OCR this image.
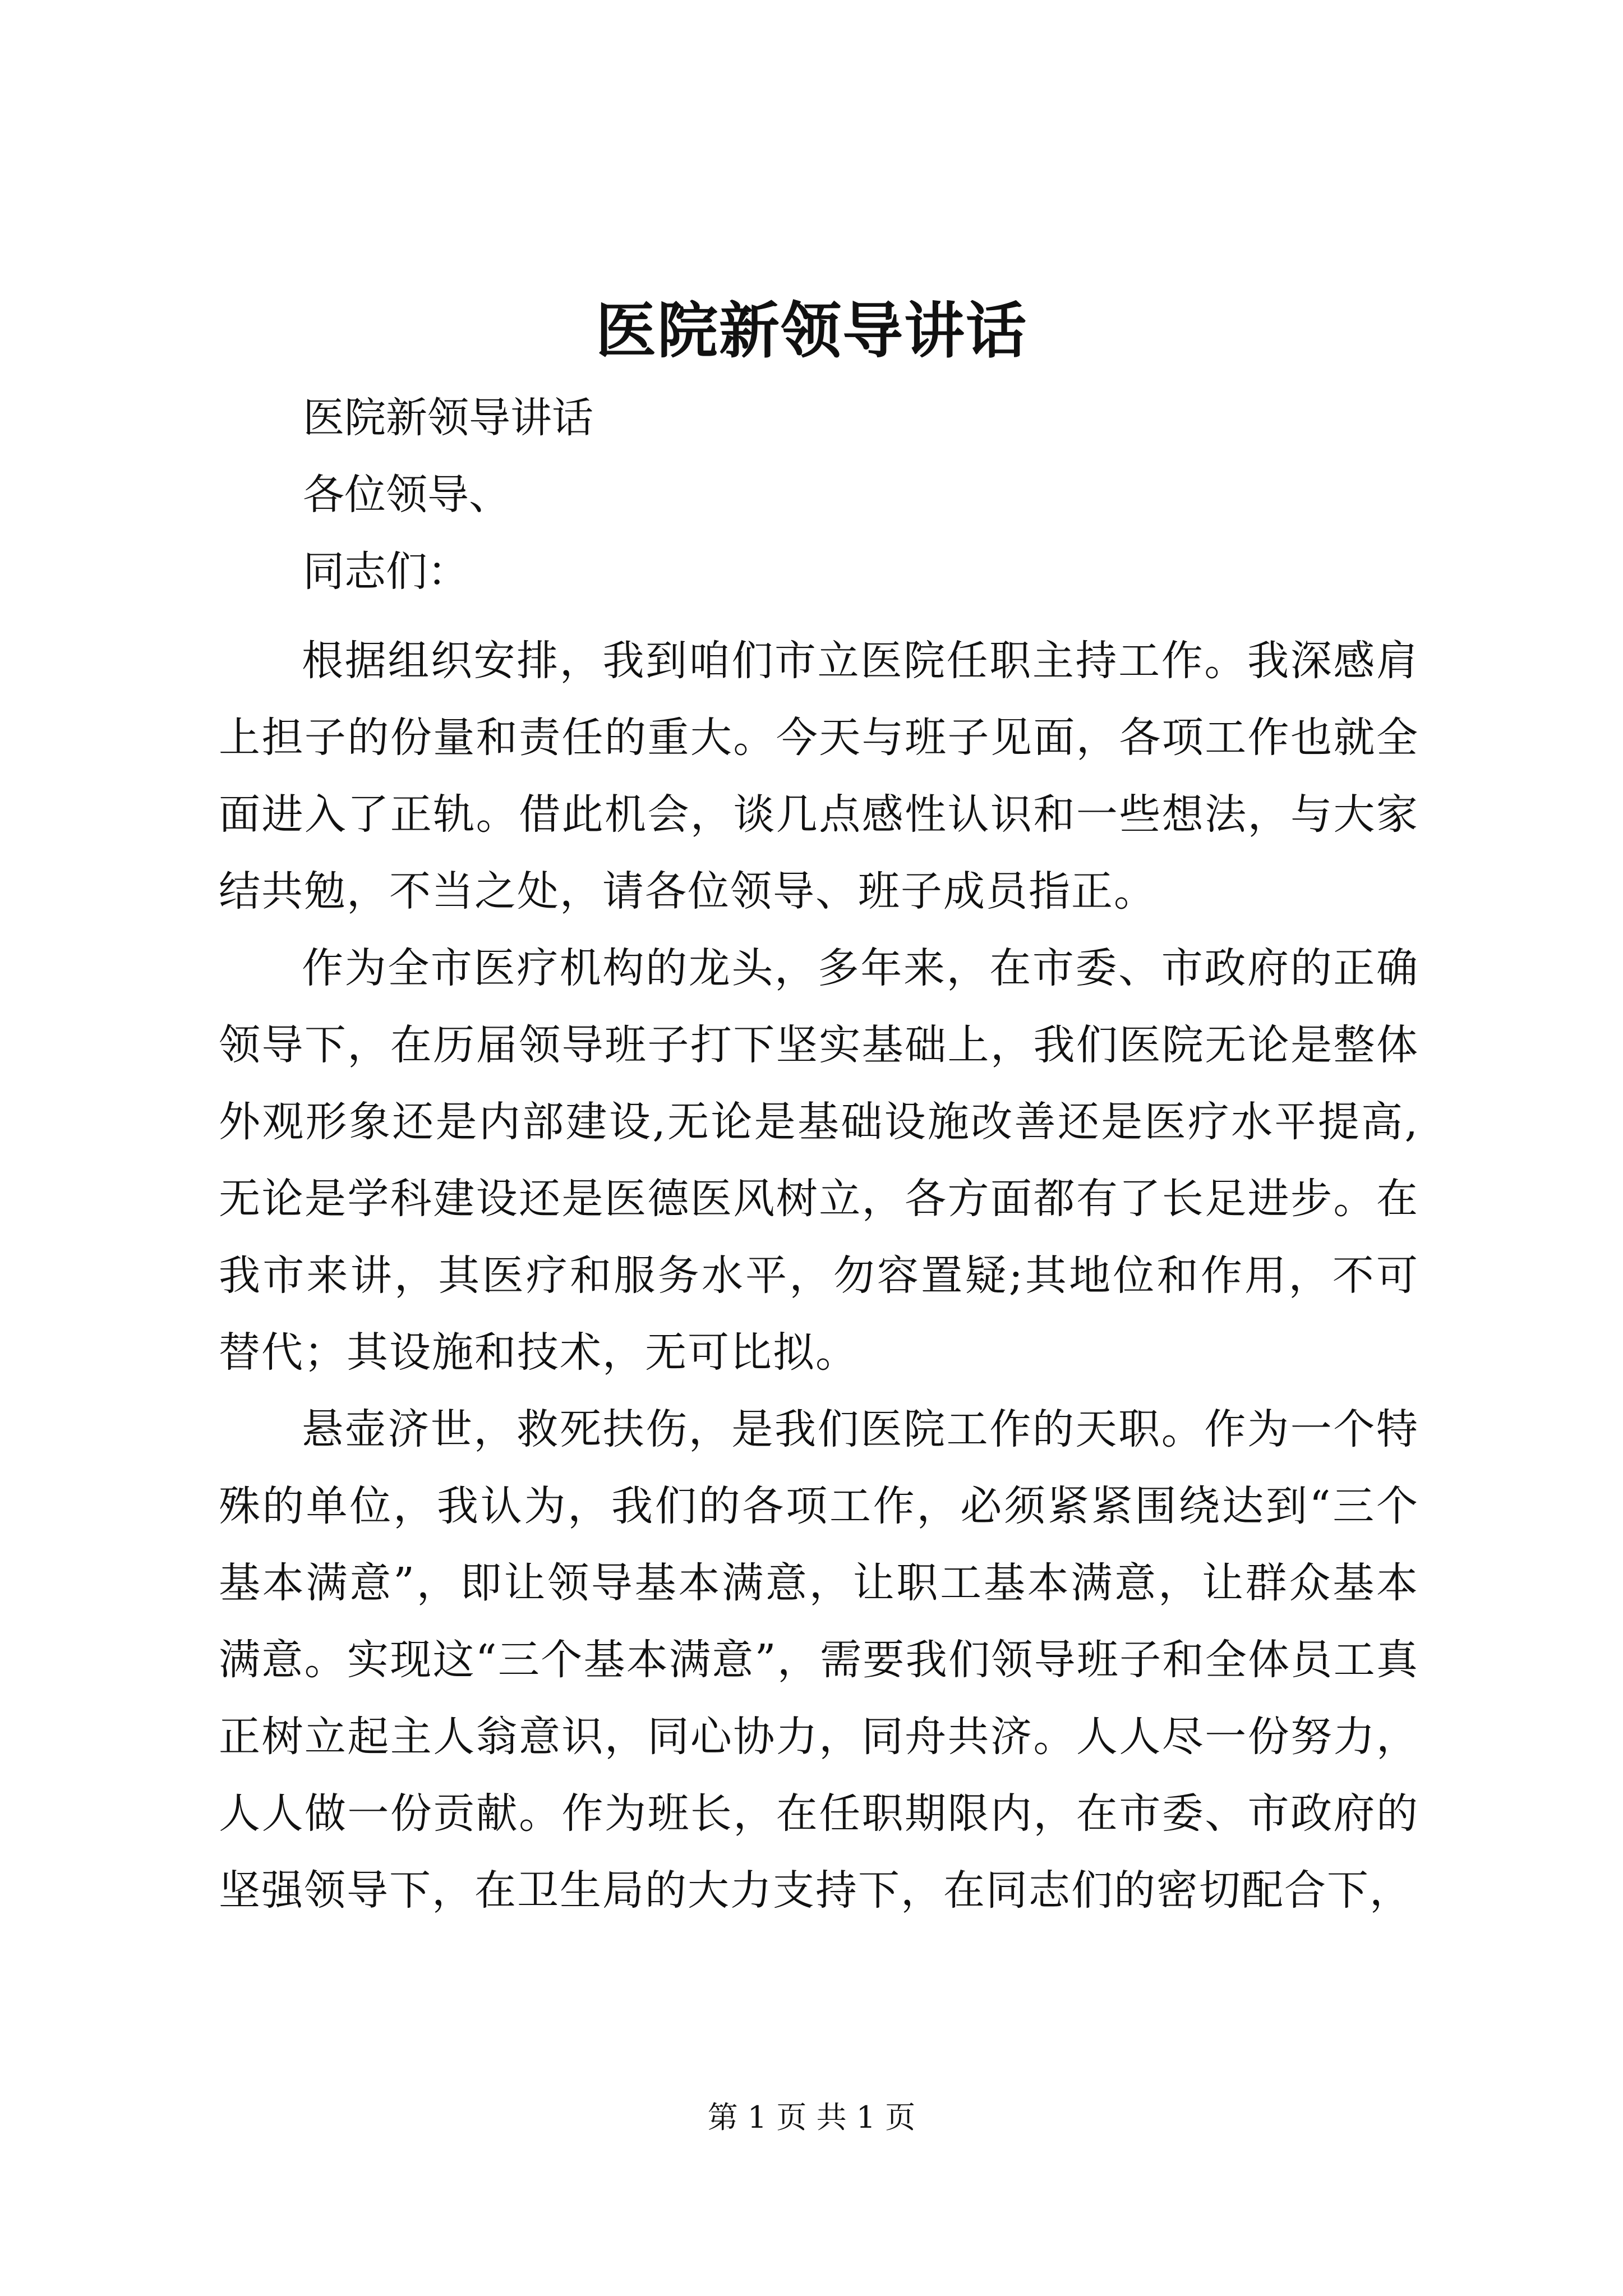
医院新领导讲话

医院新领导讲话

各位领导、

同志们：

根据组织安排，我到咱们市立医院任职主持工作。我深感肩上担子的份量和责任的重大。今天与班子见面，各项工作也就全面进入了正轨。借此机会，谈几点感性认识和一些想法，与大家结共勉，不当之处，请各位领导、班子成员指正。

作为全市医疗机构的龙头，多年来，在市委、市政府的正确领导下，在历届领导班子打下坚实基础上，我们医院无论是整体外观形象还是内部建设,无论是基础设施改善还是医疗水平提高,无论是学科建设还是医德医风树立，各方面都有了长足进步。在我市来讲，其医疗和服务水平，勿容置疑;其地位和作用，不可替代；其设施和技术，无可比拟。

悬壶济世，救死扶伤，是我们医院工作的天职。作为一个特殊的单位，我认为，我们的各项工作，必须紧紧围绕达到“三个基本满意”，即让领导基本满意，让职工基本满意，让群众基本满意。实现这“三个基本满意”，需要我们领导班子和全体员工真正树立起主人翁意识，同心协力，同舟共济。人人尽一份努力，人人做一份贡献。作为班长，在任职期限内，在市委、市政府的坚强领导下，在卫生局的大力支持下，在同志们的密切配合下，

第 1 页 共 1 页
